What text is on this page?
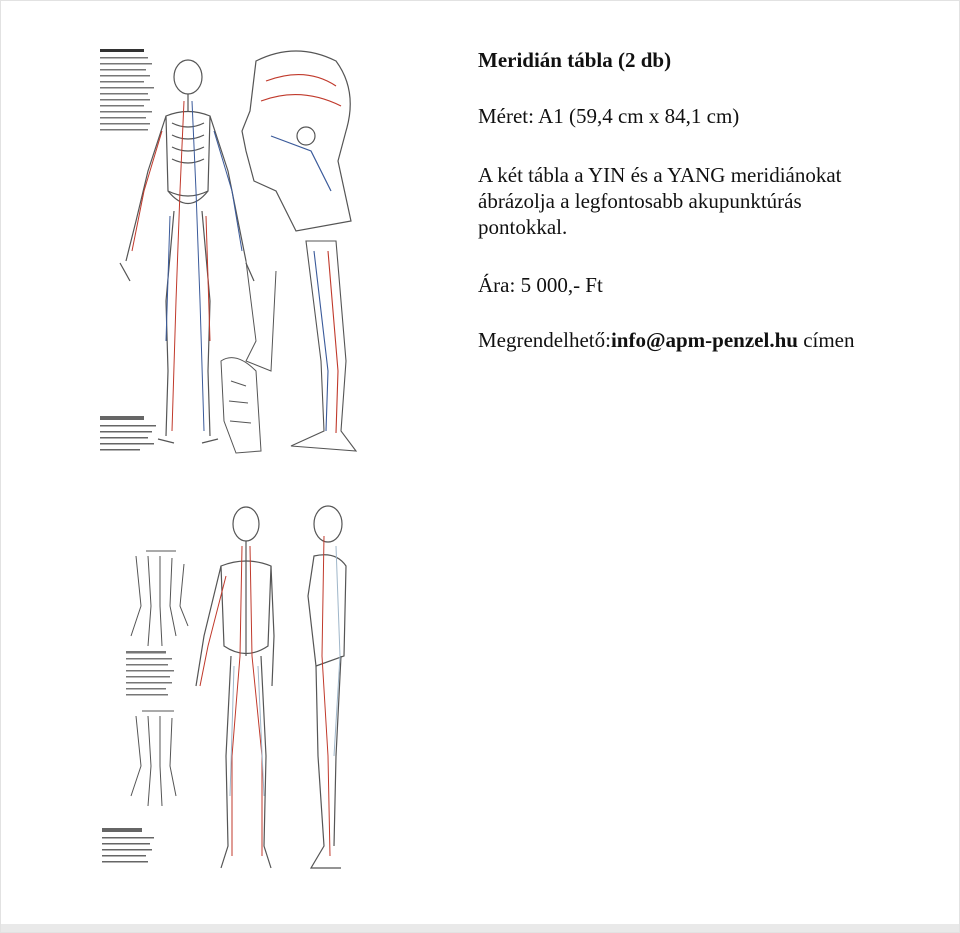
Meridián tábla (2 db)

Méret: A1 (59,4 cm x 84,1 cm)

A két tábla a YIN és a YANG meridiánokat
ábrázolja a legfontosabb akupunktúrás
pontokkal.

Ára: 5 000,- Ft

Megrendelhető:info@apm-penzel.hu címen
